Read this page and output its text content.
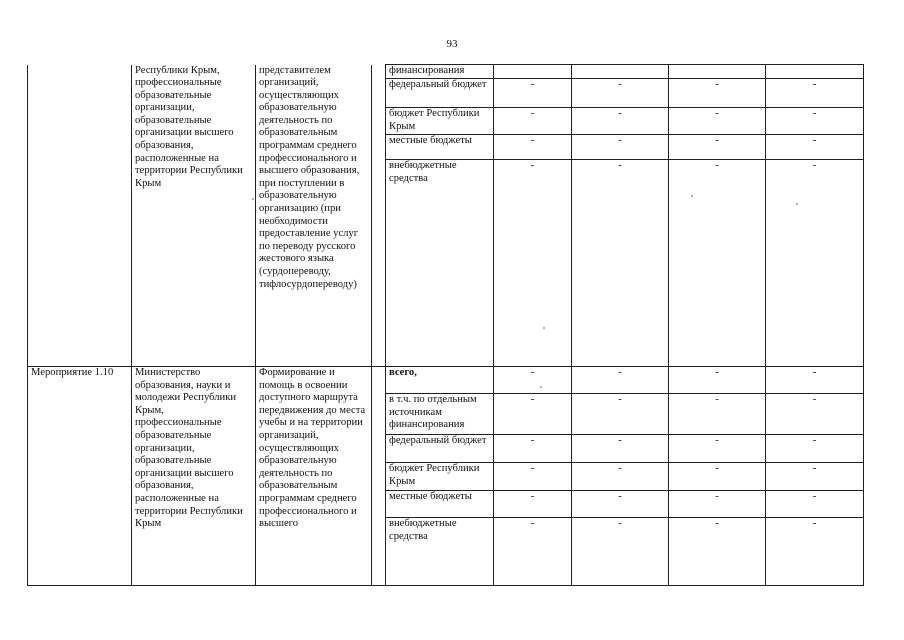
93
	Республики Крым, профессиональные образовательные организации, образовательные организации высшего образования, расположенные на территории Республики Крым	представителем организаций, осуществляющих образовательную деятельность по образовательным программам среднего профессионального и высшего образования, при поступлении в образовательную организацию (при необходимости предоставление услуг по переводу русского жестового языка (сурдопереводу, тифлосурдопереводу)		финансирования				
				федеральный бюджет	-	-	-	-
				бюджет Республики Крым	-	-	-	-
				местные бюджеты	-	-	-	-
				внебюджетные средства	-	-	-	-
Мероприятие 1.10	Министерство образования, науки и молодежи Республики Крым, профессиональные образовательные организации, образовательные организации высшего образования, расположенные на территории Республики Крым	Формирование и помощь в освоении доступного маршрута передвижения до места учебы и на территории организаций, осуществляющих образовательную деятельность по образовательным программам среднего профессионального и высшего		всего,	-	-	-	-
				в т.ч. по отдельным источникам финансирования	-	-	-	-
				федеральный бюджет	-	-	-	-
				бюджет Республики Крым	-	-	-	-
				местные бюджеты	-	-	-	-
				внебюджетные средства	-	-	-	-
